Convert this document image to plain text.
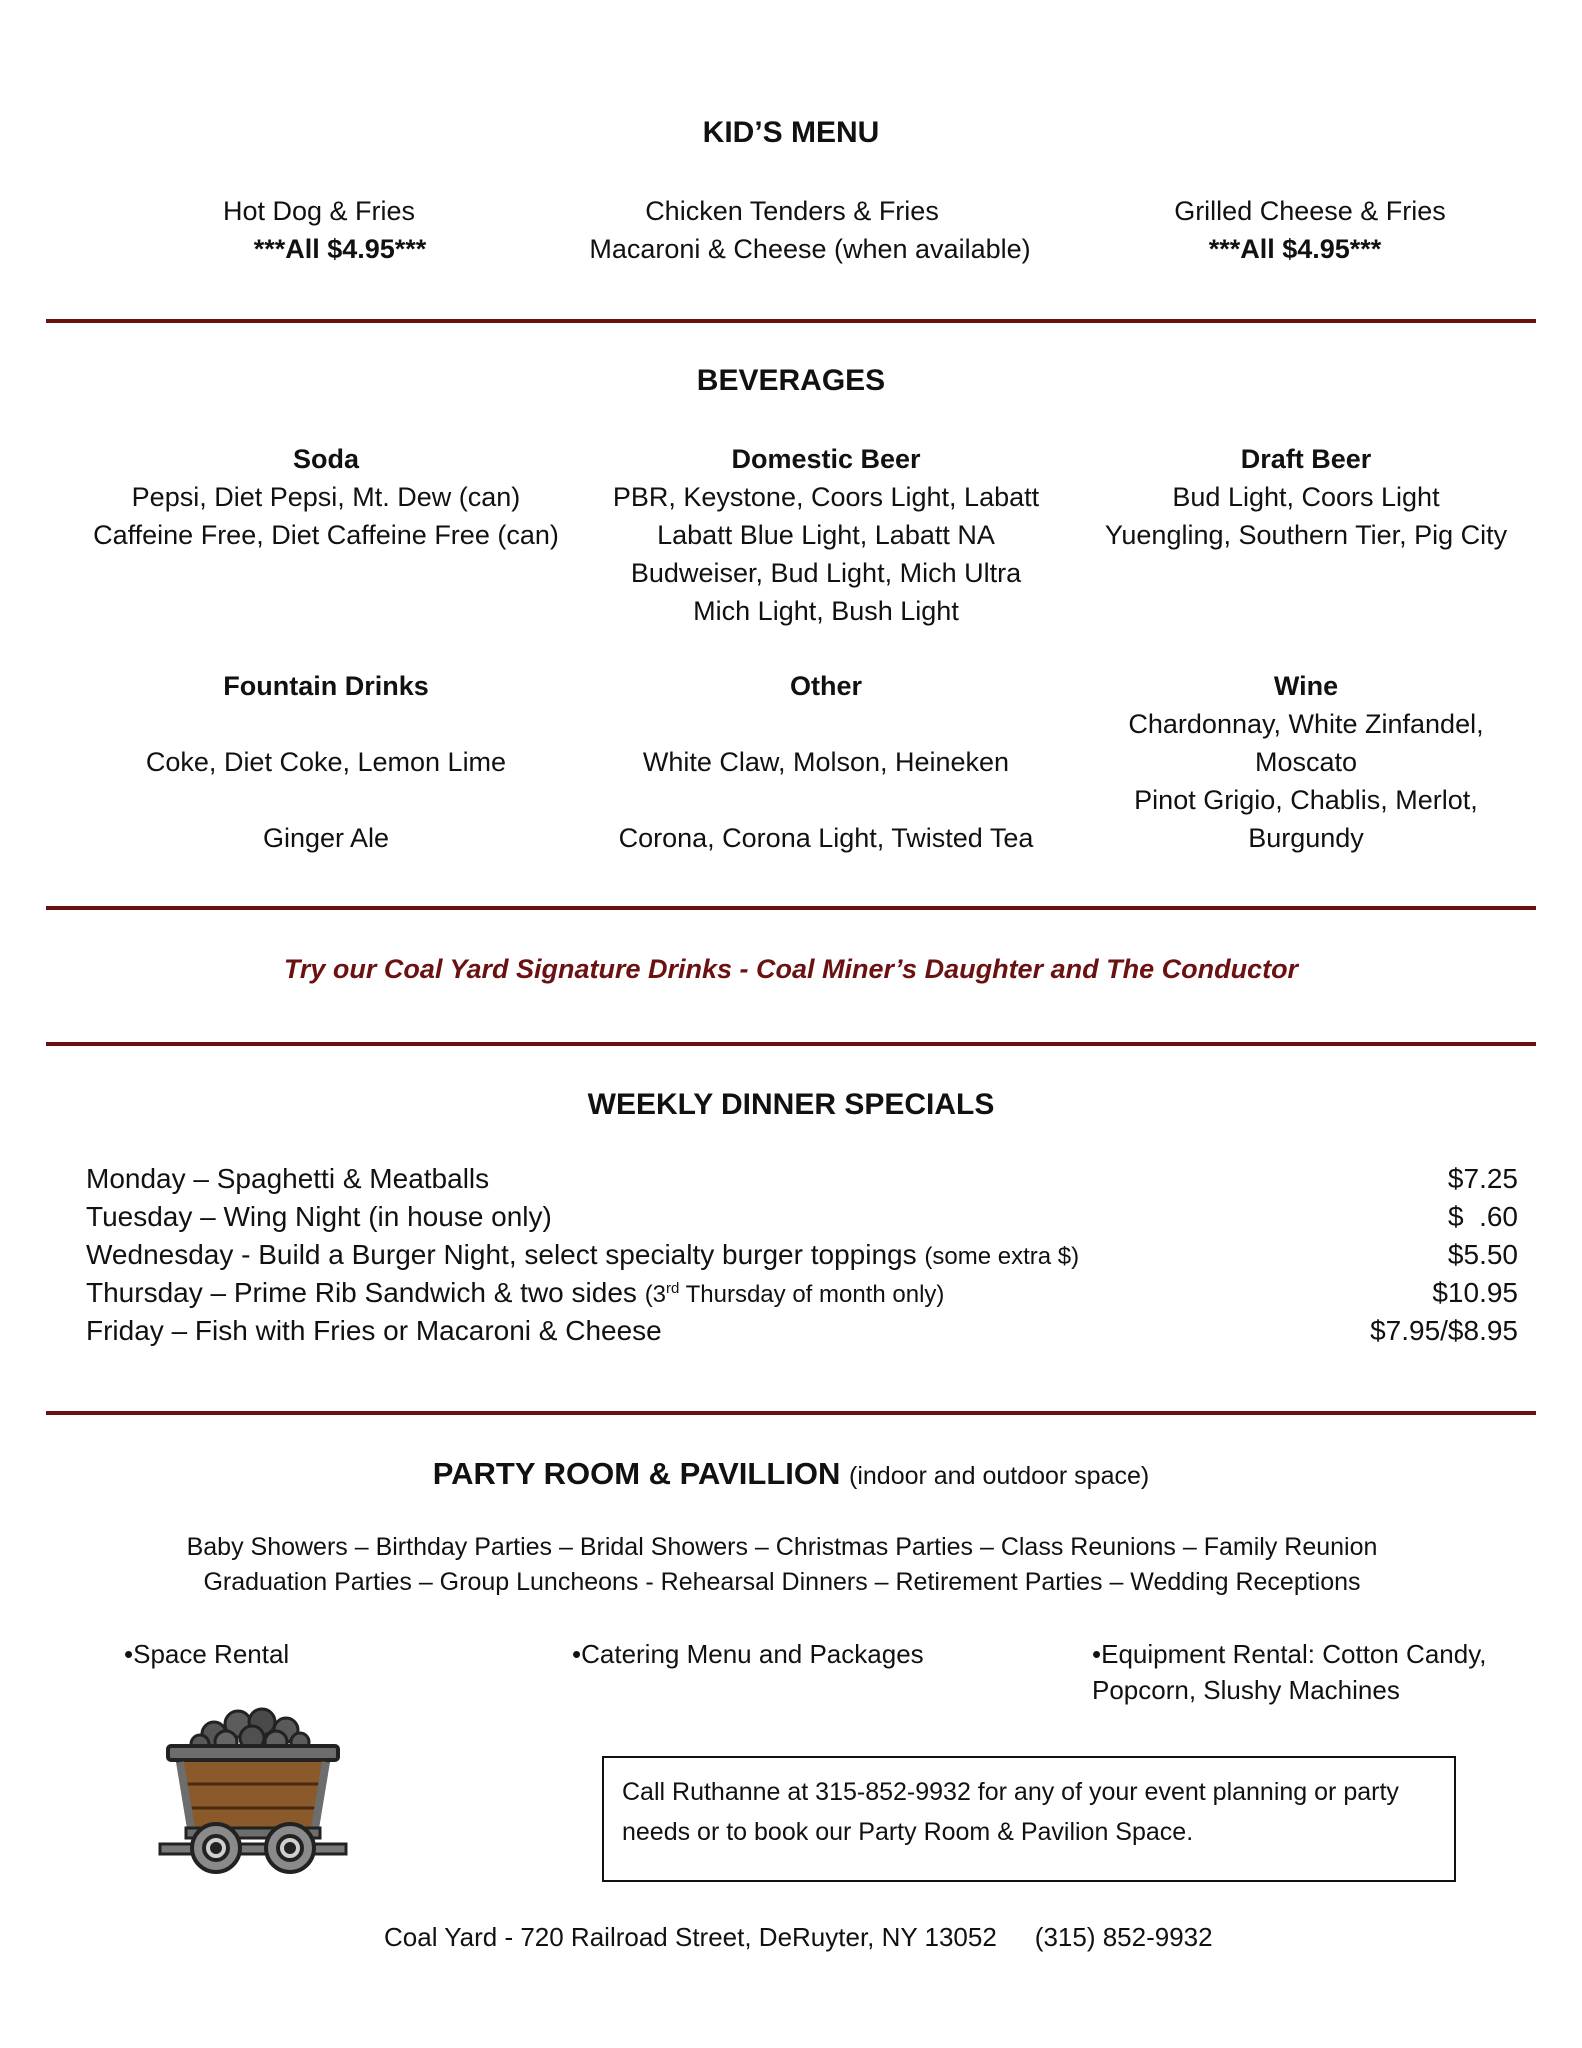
KID’S MENU
Hot Dog & Fries
***All $4.95***
Chicken Tenders & Fries
Macaroni & Cheese (when available)
Grilled Cheese & Fries
***All $4.95***
BEVERAGES
Soda
Pepsi, Diet Pepsi, Mt. Dew (can)
Caffeine Free, Diet Caffeine Free (can)
Domestic Beer
PBR, Keystone, Coors Light, Labatt
Labatt Blue Light, Labatt NA
Budweiser, Bud Light, Mich Ultra
Mich Light, Bush Light
Draft Beer
Bud Light, Coors Light
Yuengling, Southern Tier, Pig City
Fountain Drinks

Coke, Diet Coke, Lemon Lime

Ginger Ale
Other

White Claw, Molson, Heineken

Corona, Corona Light, Twisted Tea
Wine
Chardonnay, White Zinfandel,
Moscato
Pinot Grigio, Chablis, Merlot,
Burgundy
Try our Coal Yard Signature Drinks - Coal Miner’s Daughter and The Conductor
WEEKLY DINNER SPECIALS
Monday – Spaghetti & Meatballs	$7.25
Tuesday – Wing Night (in house only)	$  .60
Wednesday - Build a Burger Night, select specialty burger toppings (some extra $)	$5.50
Thursday – Prime Rib Sandwich & two sides (3rd Thursday of month only)	$10.95
Friday – Fish with Fries or Macaroni & Cheese	$7.95/$8.95
PARTY ROOM & PAVILLION (indoor and outdoor space)
Baby Showers – Birthday Parties – Bridal Showers – Christmas Parties – Class Reunions – Family Reunion
Graduation Parties – Group Luncheons - Rehearsal Dinners – Retirement Parties – Wedding Receptions
•Space Rental	•Catering Menu and Packages	•Equipment Rental: Cotton Candy,
Popcorn, Slushy Machines
Call Ruthanne at 315-852-9932 for any of your event planning or party
needs or to book our Party Room & Pavilion Space.
Coal Yard - 720 Railroad Street, DeRuyter, NY 13052 (315) 852-9932
